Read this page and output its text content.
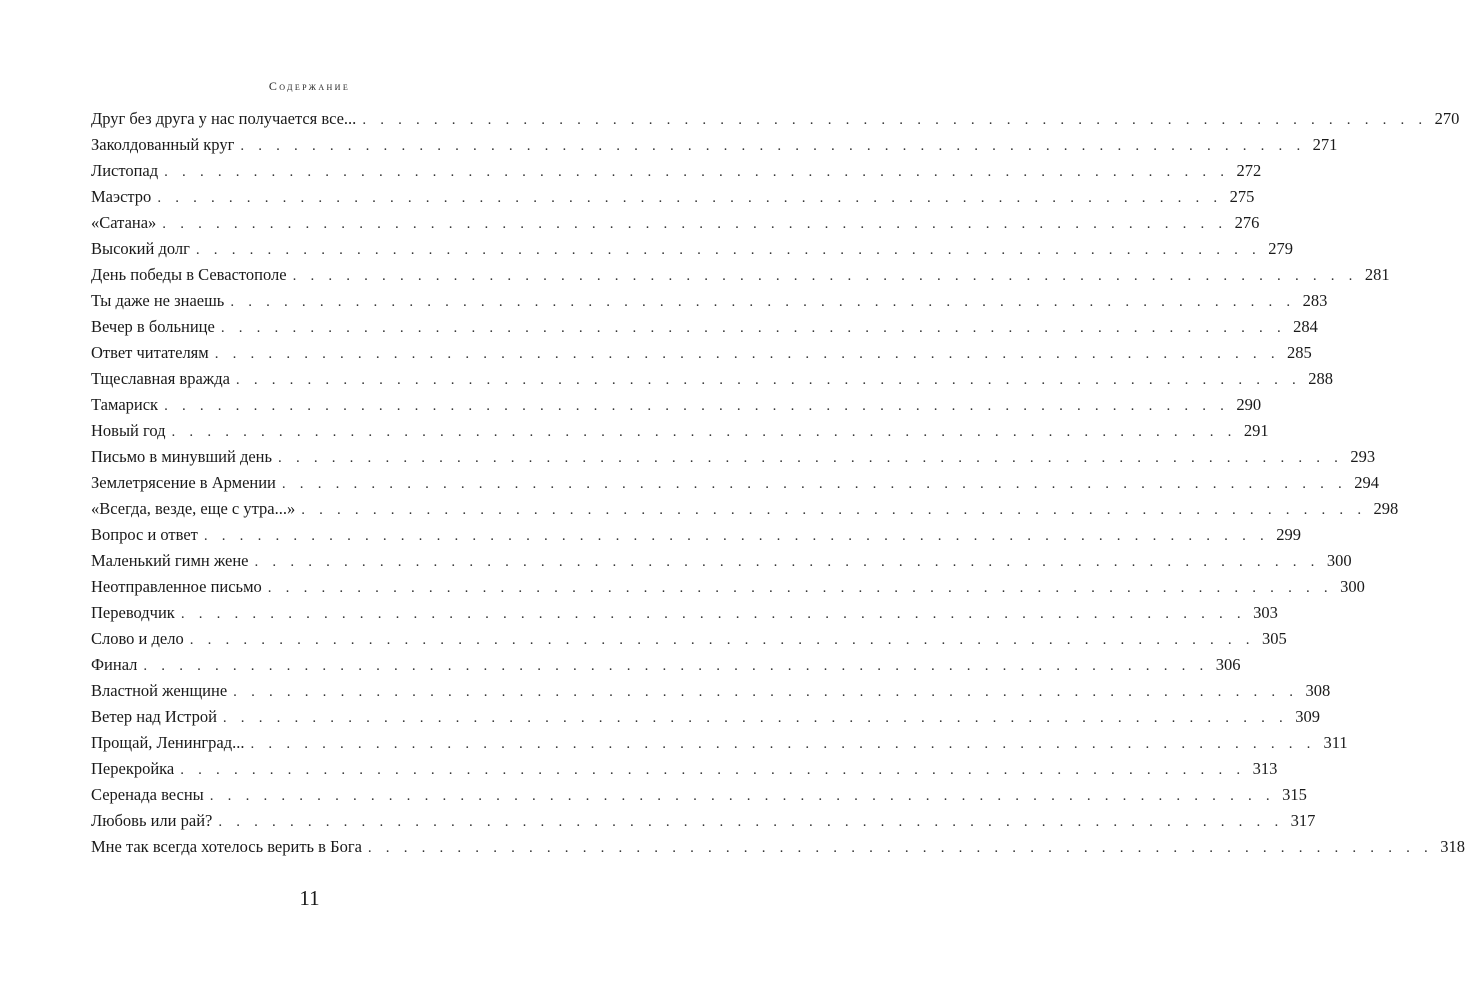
Содержание
Друг без друга у нас получается все... . . . . . . . . . . . . . . . . . . . . . . . . . . . . . . . . . . . . . . . . . . . . . . . . . . . . . . . . . . . . 270
Заколдованный круг . . . . . . . . . . . . . . . . . . . . . . . . . . . . . . . . . . . . . . . . . . . . . . . . . . . . . . . . . . . . 271
Листопад . . . . . . . . . . . . . . . . . . . . . . . . . . . . . . . . . . . . . . . . . . . . . . . . . . . . . . . . . . . . 272
Маэстро . . . . . . . . . . . . . . . . . . . . . . . . . . . . . . . . . . . . . . . . . . . . . . . . . . . . . . . . . . . . 275
«Сатана» . . . . . . . . . . . . . . . . . . . . . . . . . . . . . . . . . . . . . . . . . . . . . . . . . . . . . . . . . . . . 276
Высокий долг . . . . . . . . . . . . . . . . . . . . . . . . . . . . . . . . . . . . . . . . . . . . . . . . . . . . . . . . . . . . 279
День победы в Севастополе . . . . . . . . . . . . . . . . . . . . . . . . . . . . . . . . . . . . . . . . . . . . . . . . . . . . . . . . . . . . 281
Ты даже не знаешь . . . . . . . . . . . . . . . . . . . . . . . . . . . . . . . . . . . . . . . . . . . . . . . . . . . . . . . . . . . . 283
Вечер в больнице . . . . . . . . . . . . . . . . . . . . . . . . . . . . . . . . . . . . . . . . . . . . . . . . . . . . . . . . . . . . 284
Ответ читателям . . . . . . . . . . . . . . . . . . . . . . . . . . . . . . . . . . . . . . . . . . . . . . . . . . . . . . . . . . . . 285
Тщеславная вражда . . . . . . . . . . . . . . . . . . . . . . . . . . . . . . . . . . . . . . . . . . . . . . . . . . . . . . . . . . . . 288
Тамариск . . . . . . . . . . . . . . . . . . . . . . . . . . . . . . . . . . . . . . . . . . . . . . . . . . . . . . . . . . . . 290
Новый год . . . . . . . . . . . . . . . . . . . . . . . . . . . . . . . . . . . . . . . . . . . . . . . . . . . . . . . . . . . . 291
Письмо в минувший день . . . . . . . . . . . . . . . . . . . . . . . . . . . . . . . . . . . . . . . . . . . . . . . . . . . . . . . . . . . . 293
Землетрясение в Армении . . . . . . . . . . . . . . . . . . . . . . . . . . . . . . . . . . . . . . . . . . . . . . . . . . . . . . . . . . . . 294
«Всегда, везде, еще с утра...» . . . . . . . . . . . . . . . . . . . . . . . . . . . . . . . . . . . . . . . . . . . . . . . . . . . . . . . . . . . . 298
Вопрос и ответ . . . . . . . . . . . . . . . . . . . . . . . . . . . . . . . . . . . . . . . . . . . . . . . . . . . . . . . . . . . . 299
Маленький гимн жене . . . . . . . . . . . . . . . . . . . . . . . . . . . . . . . . . . . . . . . . . . . . . . . . . . . . . . . . . . . . 300
Неотправленное письмо . . . . . . . . . . . . . . . . . . . . . . . . . . . . . . . . . . . . . . . . . . . . . . . . . . . . . . . . . . . . 300
Переводчик . . . . . . . . . . . . . . . . . . . . . . . . . . . . . . . . . . . . . . . . . . . . . . . . . . . . . . . . . . . . 303
Слово и дело . . . . . . . . . . . . . . . . . . . . . . . . . . . . . . . . . . . . . . . . . . . . . . . . . . . . . . . . . . . . 305
Финал . . . . . . . . . . . . . . . . . . . . . . . . . . . . . . . . . . . . . . . . . . . . . . . . . . . . . . . . . . . . 306
Властной женщине . . . . . . . . . . . . . . . . . . . . . . . . . . . . . . . . . . . . . . . . . . . . . . . . . . . . . . . . . . . . 308
Ветер над Истрой . . . . . . . . . . . . . . . . . . . . . . . . . . . . . . . . . . . . . . . . . . . . . . . . . . . . . . . . . . . . 309
Прощай, Ленинград... . . . . . . . . . . . . . . . . . . . . . . . . . . . . . . . . . . . . . . . . . . . . . . . . . . . . . . . . . . . . 311
Перекройка . . . . . . . . . . . . . . . . . . . . . . . . . . . . . . . . . . . . . . . . . . . . . . . . . . . . . . . . . . . . 313
Серенада весны . . . . . . . . . . . . . . . . . . . . . . . . . . . . . . . . . . . . . . . . . . . . . . . . . . . . . . . . . . . . 315
Любовь или рай? . . . . . . . . . . . . . . . . . . . . . . . . . . . . . . . . . . . . . . . . . . . . . . . . . . . . . . . . . . . . 317
Мне так всегда хотелось верить в Бога . . . . . . . . . . . . . . . . . . . . . . . . . . . . . . . . . . . . . . . . . . . . . . . . . . . . . . . . . . . . 318
11
